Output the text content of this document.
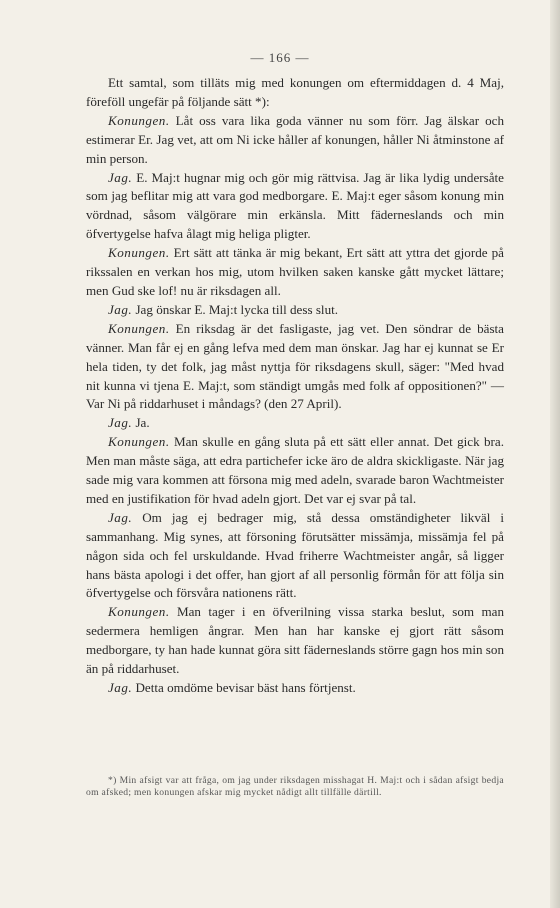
— 166 —

Ett samtal, som tilläts mig med konungen om eftermiddagen d. 4 Maj, föreföll ungefär på följande sätt *):

Konungen. Låt oss vara lika goda vänner nu som förr. Jag älskar och estimerar Er. Jag vet, att om Ni icke håller af konungen, håller Ni åtminstone af min person.

Jag. E. Maj:t hugnar mig och gör mig rättvisa. Jag är lika lydig undersåte som jag beflitar mig att vara god medborgare. E. Maj:t eger såsom konung min vördnad, såsom välgörare min erkänsla. Mitt fäderneslands och min öfvertygelse hafva ålagt mig heliga pligter.

Konungen. Ert sätt att tänka är mig bekant, Ert sätt att yttra det gjorde på rikssalen en verkan hos mig, utom hvilken saken kanske gått mycket lättare; men Gud ske lof! nu är riksdagen all.

Jag. Jag önskar E. Maj:t lycka till dess slut.

Konungen. En riksdag är det fasligaste, jag vet. Den söndrar de bästa vänner. Man får ej en gång lefva med dem man önskar. Jag har ej kunnat se Er hela tiden, ty det folk, jag måst nyttja för riksdagens skull, säger: "Med hvad nit kunna vi tjena E. Maj:t, som ständigt umgås med folk af oppositionen?" — Var Ni på riddarhuset i måndags? (den 27 April).

Jag. Ja.

Konungen. Man skulle en gång sluta på ett sätt eller annat. Det gick bra. Men man måste säga, att edra partichefer icke äro de aldra skickligaste. När jag sade mig vara kommen att försona mig med adeln, svarade baron Wachtmeister med en justifikation för hvad adeln gjort. Det var ej svar på tal.

Jag. Om jag ej bedrager mig, stå dessa omständigheter likväl i sammanhang. Mig synes, att försoning förutsätter missämja, missämja fel på någon sida och fel urskuldande. Hvad friherre Wachtmeister angår, så ligger hans bästa apologi i det offer, han gjort af all personlig förmån för att följa sin öfvertygelse och försvåra nationens rätt.

Konungen. Man tager i en öfverilning vissa starka beslut, som man sedermera hemligen ångrar. Men han har kanske ej gjort rätt såsom medborgare, ty han hade kunnat göra sitt fäderneslands större gagn hos min son än på riddarhuset.

Jag. Detta omdöme bevisar bäst hans förtjenst.

*) Min afsigt var att fråga, om jag under riksdagen misshagat H. Maj:t och i sådan afsigt bedja om afsked; men konungen afskar mig mycket nådigt allt tillfälle därtill.
